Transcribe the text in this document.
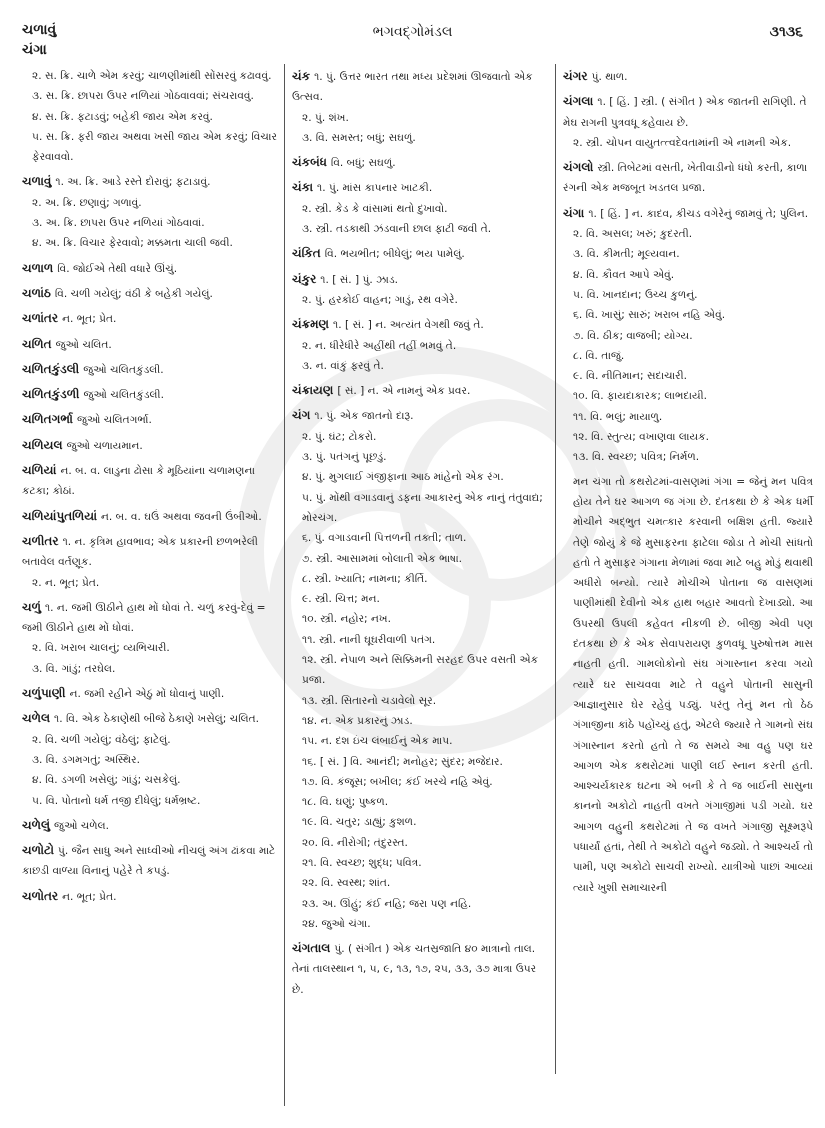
ચળાવું
ચંગા
ભગવદ્ગોમંડલ	૩૧૩૬
૨. સ. ક્રિ. ચાળે એમ કરવું; ચાળણીમાંથી સોંસરવું કઢાવવું.
૩. સ. ક્રિ. છાપરા ઉપર નળિયાં ગોઠવાવવાં; સંચરાવવું.
૪. સ. ક્રિ. ફટાડવું; બહેકી જાય એમ કરવું.
૫. સ. ક્રિ. ફરી જાય અથવા ખસી જાય એમ કરવું; વિચાર ફેરવાવવો.
ચળાવું ૧. અ. ક્રિ. આડે રસ્તે દોરાવું; ફટાડાવું.
૨. અ. ક્રિ. છણાવું; ગળાવું.
૩. અ. ક્રિ. છાપરા ઉપર નળિયાં ગોઠવાવાં.
૪. અ. ક્રિ. વિચાર ફેરવાવો; મક્કમતા ચાલી જવી.
ચળાળ વિ. જોઈએ તેથી વધારે ઊંચું.
ચળાંઠ વિ. ચળી ગયેલું; વંઠી કે બહેકી ગયેલું.
ચળાંતર ન. ભૂત; પ્રેત.
ચળિત જુઓ ચલિત.
ચળિતકુંડલી જુઓ ચલિતકુંડલી.
ચળિતકુંડળી જુઓ ચલિતકુંડલી.
ચળિતગર્ભા જુઓ ચલિતગર્ભા.
ચળિયલ જુઓ ચળાયમાન.
ચળિયાં ન. બ. વ. લાડુના ઢોસા કે મૂઠિયાંના ચળામણના કટકા; કોઠાં.
ચળિયાંપુતળિયાં ન. બ. વ. ઘઉં અથવા જવની ઉંબીઓ.
ચળીતર ૧. ન. કૃત્રિમ હાવભાવ; એક પ્રકારની છળભરેલી બતાવેલ વર્તણૂક.
૨. ન. ભૂત; પ્રેત.
ચળું ૧. ન. જમી ઊઠીને હાથ મોં ધોવાં તે. ચળું કરવું-દેવું = જમી ઊઠીને હાથ મોં ધોવાં.
૨. વિ. ખરાબ ચાલનું; વ્યભિચારી.
૩. વિ. ગાંડું; તરઘેલ.
ચળુંપાણી ન. જમી રહીને એઠું મોં ધોવાનું પાણી.
ચળેલ ૧. વિ. એક ઠેકાણેથી બીજે ઠેકાણે ખસેલું; ચલિત.
૨. વિ. ચળી ગયેલું; વંઠેલું; ફાટેલું.
૩. વિ. ડગમગતું; અસ્થિર.
૪. વિ. ડગળી ખસેલું; ગાંડું; ચસકેલું.
૫. વિ. પોતાનો ધર્મ તજી દીધેલું; ધર્મભ્રષ્ટ.
ચળેલું જુઓ ચળેલ.
ચળોટો પું. જૈન સાધુ અને સાધ્વીઓ નીચલું અંગ ઢાંકવા માટે કાછડી વાળ્યા વિનાનું પહેરે તે કપડું.
ચળોતર ન. ભૂત; પ્રેત.
ચંક ૧. પું. ઉત્તર ભારત તથા મધ્ય પ્રદેશમાં ઊજવાતો એક ઉત્સવ.
૨. પું. શંખ.
૩. વિ. સમસ્ત; બધું; સઘળું.
ચંકબંધ વિ. બધું; સઘળું.
ચંકા ૧. પું. માંસ કાપનાર ખાટકી.
૨. સ્ત્રી. કેડ કે વાંસામાં થતો દુખાવો.
૩. સ્ત્રી. તડકાથી ઝંડવાની છાલ ફાટી જવી તે.
ચંકિત વિ. ભયભીત; બીધેલું; ભય પામેલું.
ચંકુર ૧. [ સં. ] પું. ઝાડ.
૨. પું. હરકોઈ વાહન; ગાડું, રથ વગેરે.
ચંક્રમણ ૧. [ સં. ] ન. અત્યંત વેગથી જવું તે.
૨. ન. ધીરેધીરે અહીંથી તહીં ભમવું તે.
૩. ન. વાંકું ફરવું તે.
ચંક્રાયણ [ સં. ] ન. એ નામનું એક પ્રવર.
ચંગ ૧. પું. એક જાતનો દારૂ.
૨. પું. ઘંટ; ટોકરો.
૩. પું. પતંગનું પૂછડું.
૪. પું. મુગલાઈ ગંજીફાના આઠ માંહેનો એક રંગ.
૫. પું. મોંથી વગાડવાનું ડફના આકારનું એક નાનું તંતુવાદ્ય; મોરચંગ.
૬. પું. વગાડવાની પિત્તળની તક્તી; તાળ.
૭. સ્ત્રી. આસામમાં બોલાતી એક ભાષા.
૮. સ્ત્રી. ખ્યાતિ; નામના; કીર્તિ.
૯. સ્ત્રી. ચિત્ત; મન.
૧૦. સ્ત્રી. નહોર; નખ.
૧૧. સ્ત્રી. નાની ઘૂઘરીવાળી પતંગ.
૧૨. સ્ત્રી. નેપાળ અને સિક્કિમની સરહદ ઉપર વસતી એક પ્રજા.
૧૩. સ્ત્રી. સિતારનો ચડાવેલો સૂર.
૧૪. ન. એક પ્રકારનું ઝાડ.
૧૫. ન. દશ ઇંચ લંબાઈનું એક માપ.
૧૬. [ સં. ] વિ. આનંદી; મનોહર; સુંદર; મજેદાર.
૧૭. વિ. કંજૂસ; બખીલ; કંઈ ખરચે નહિ એવું.
૧૮. વિ. ઘણું; પુષ્કળ.
૧૯. વિ. ચતુર; ડાહ્યું; કુશળ.
૨૦. વિ. નીરોગી; તંદુરસ્ત.
૨૧. વિ. સ્વચ્છ; શુદ્ધ; પવિત્ર.
૨૨. વિ. સ્વસ્થ; શાંત.
૨૩. અ. ઊંહું; કંઈ નહિ; જરા પણ નહિ.
૨૪. જુઓ ચંગા.
ચંગતાલ પું. ( સંગીત ) એક ચતસ્રજાતિ ૪૦ માત્રાનો તાલ. તેનાં તાલસ્થાન ૧, ૫, ૯, ૧૩, ૧૭, ૨૫, ૩૩, ૩૭ માત્રા ઉપર છે.
ચંગર પું. થાળ.
ચંગલા ૧. [ હિં. ] સ્ત્રી. ( સંગીત ) એક જાતની રાગિણી. તે મેઘ રાગની પુત્રવધૂ કહેવાય છે.
૨. સ્ત્રી. ચોપન વાયુતત્ત્વદેવતામાંની એ નામની એક.
ચંગલો સ્ત્રી. તિબેટમાં વસતી, ખેતીવાડીનો ધંધો કરતી, કાળા રંગની એક મજબૂત ખડતલ પ્રજા.
ચંગા ૧. [ હિં. ] ન. કાદવ, કીચડ વગેરેનું જામવું તે; પુલિન.
૨. વિ. અસલ; ખરું; કુદરતી.
૩. વિ. કીમતી; મૂલ્યવાન.
૪. વિ. કૌવત આપે એવું.
૫. વિ. ખાનદાન; ઉચ્ચ કુળનું.
૬. વિ. ખાસું; સારું; ખરાબ નહિ એવું.
૭. વિ. ઠીક; વાજબી; યોગ્ય.
૮. વિ. તાજું.
૯. વિ. નીતિમાન; સદાચારી.
૧૦. વિ. ફાયદાકારક; લાભદાયી.
૧૧. વિ. ભલું; માયાળુ.
૧૨. વિ. સ્તુત્ય; વખાણવા લાયક.
૧૩. વિ. સ્વચ્છ; પવિત્ર; નિર્મળ.
મન ચંગા તો કથરોટમાં-વાસણમાં ગંગા = જેનું મન પવિત્ર હોય તેને ઘર આગળ જ ગંગા છે. દંતકથા છે કે એક ધર્મી મોચીને અદ્ભુત ચમત્કાર કરવાની બક્ષિશ હતી. જ્યારે તેણે જોયું કે જે મુસાફરના ફાટેલા જોડા તે મોચી સાંધતો હતો તે મુસાફર ગંગાના મેળામાં જવા માટે બહુ મોડું થવાથી અધીરો બન્યો. ત્યારે મોચીએ પોતાના જ વાસણમાં પાણીમાંથી દેવીનો એક હાથ બહાર આવતો દેખાડ્યો. આ ઉપરથી ઉપલી કહેવત નીકળી છે. બીજી એવી પણ દંતકથા છે કે એક સેવાપરાયણ કુળવધૂ પુરુષોત્તમ માસ નાહતી હતી. ગામલોકોનો સંઘ ગંગાસ્નાન કરવા ગયો ત્યારે ઘર સાચવવા માટે તે વહુને પોતાની સાસુની આજ્ઞાનુસાર ઘેર રહેવું પડ્યું. પરંતુ તેનું મન તો ઠેઠ ગંગાજીના કાંઠે પહોંચ્યું હતું, એટલે જ્યારે તે ગામનો સંઘ ગંગાસ્નાન કરતો હતો તે જ સમયે આ વહુ પણ ઘર આગળ એક કથરોટમાં પાણી લઈ સ્નાન કરતી હતી. આશ્ચર્યકારક ઘટના એ બની કે તે જ બાઈની સાસુના કાનનો અકોટો નાહતી વખતે ગંગાજીમાં પડી ગયો. ઘર આગળ વહુની કથરોટમાં તે જ વખતે ગંગાજી સૂક્ષ્મરૂપે પધાર્યાં હતાં, તેથી તે અકોટો વહુને જડ્યો. તે આશ્ચર્ય તો પામી, પણ અકોટો સાચવી રાખ્યો. યાત્રીઓ પાછાં આવ્યાં ત્યારે ખુશી સમાચારની
